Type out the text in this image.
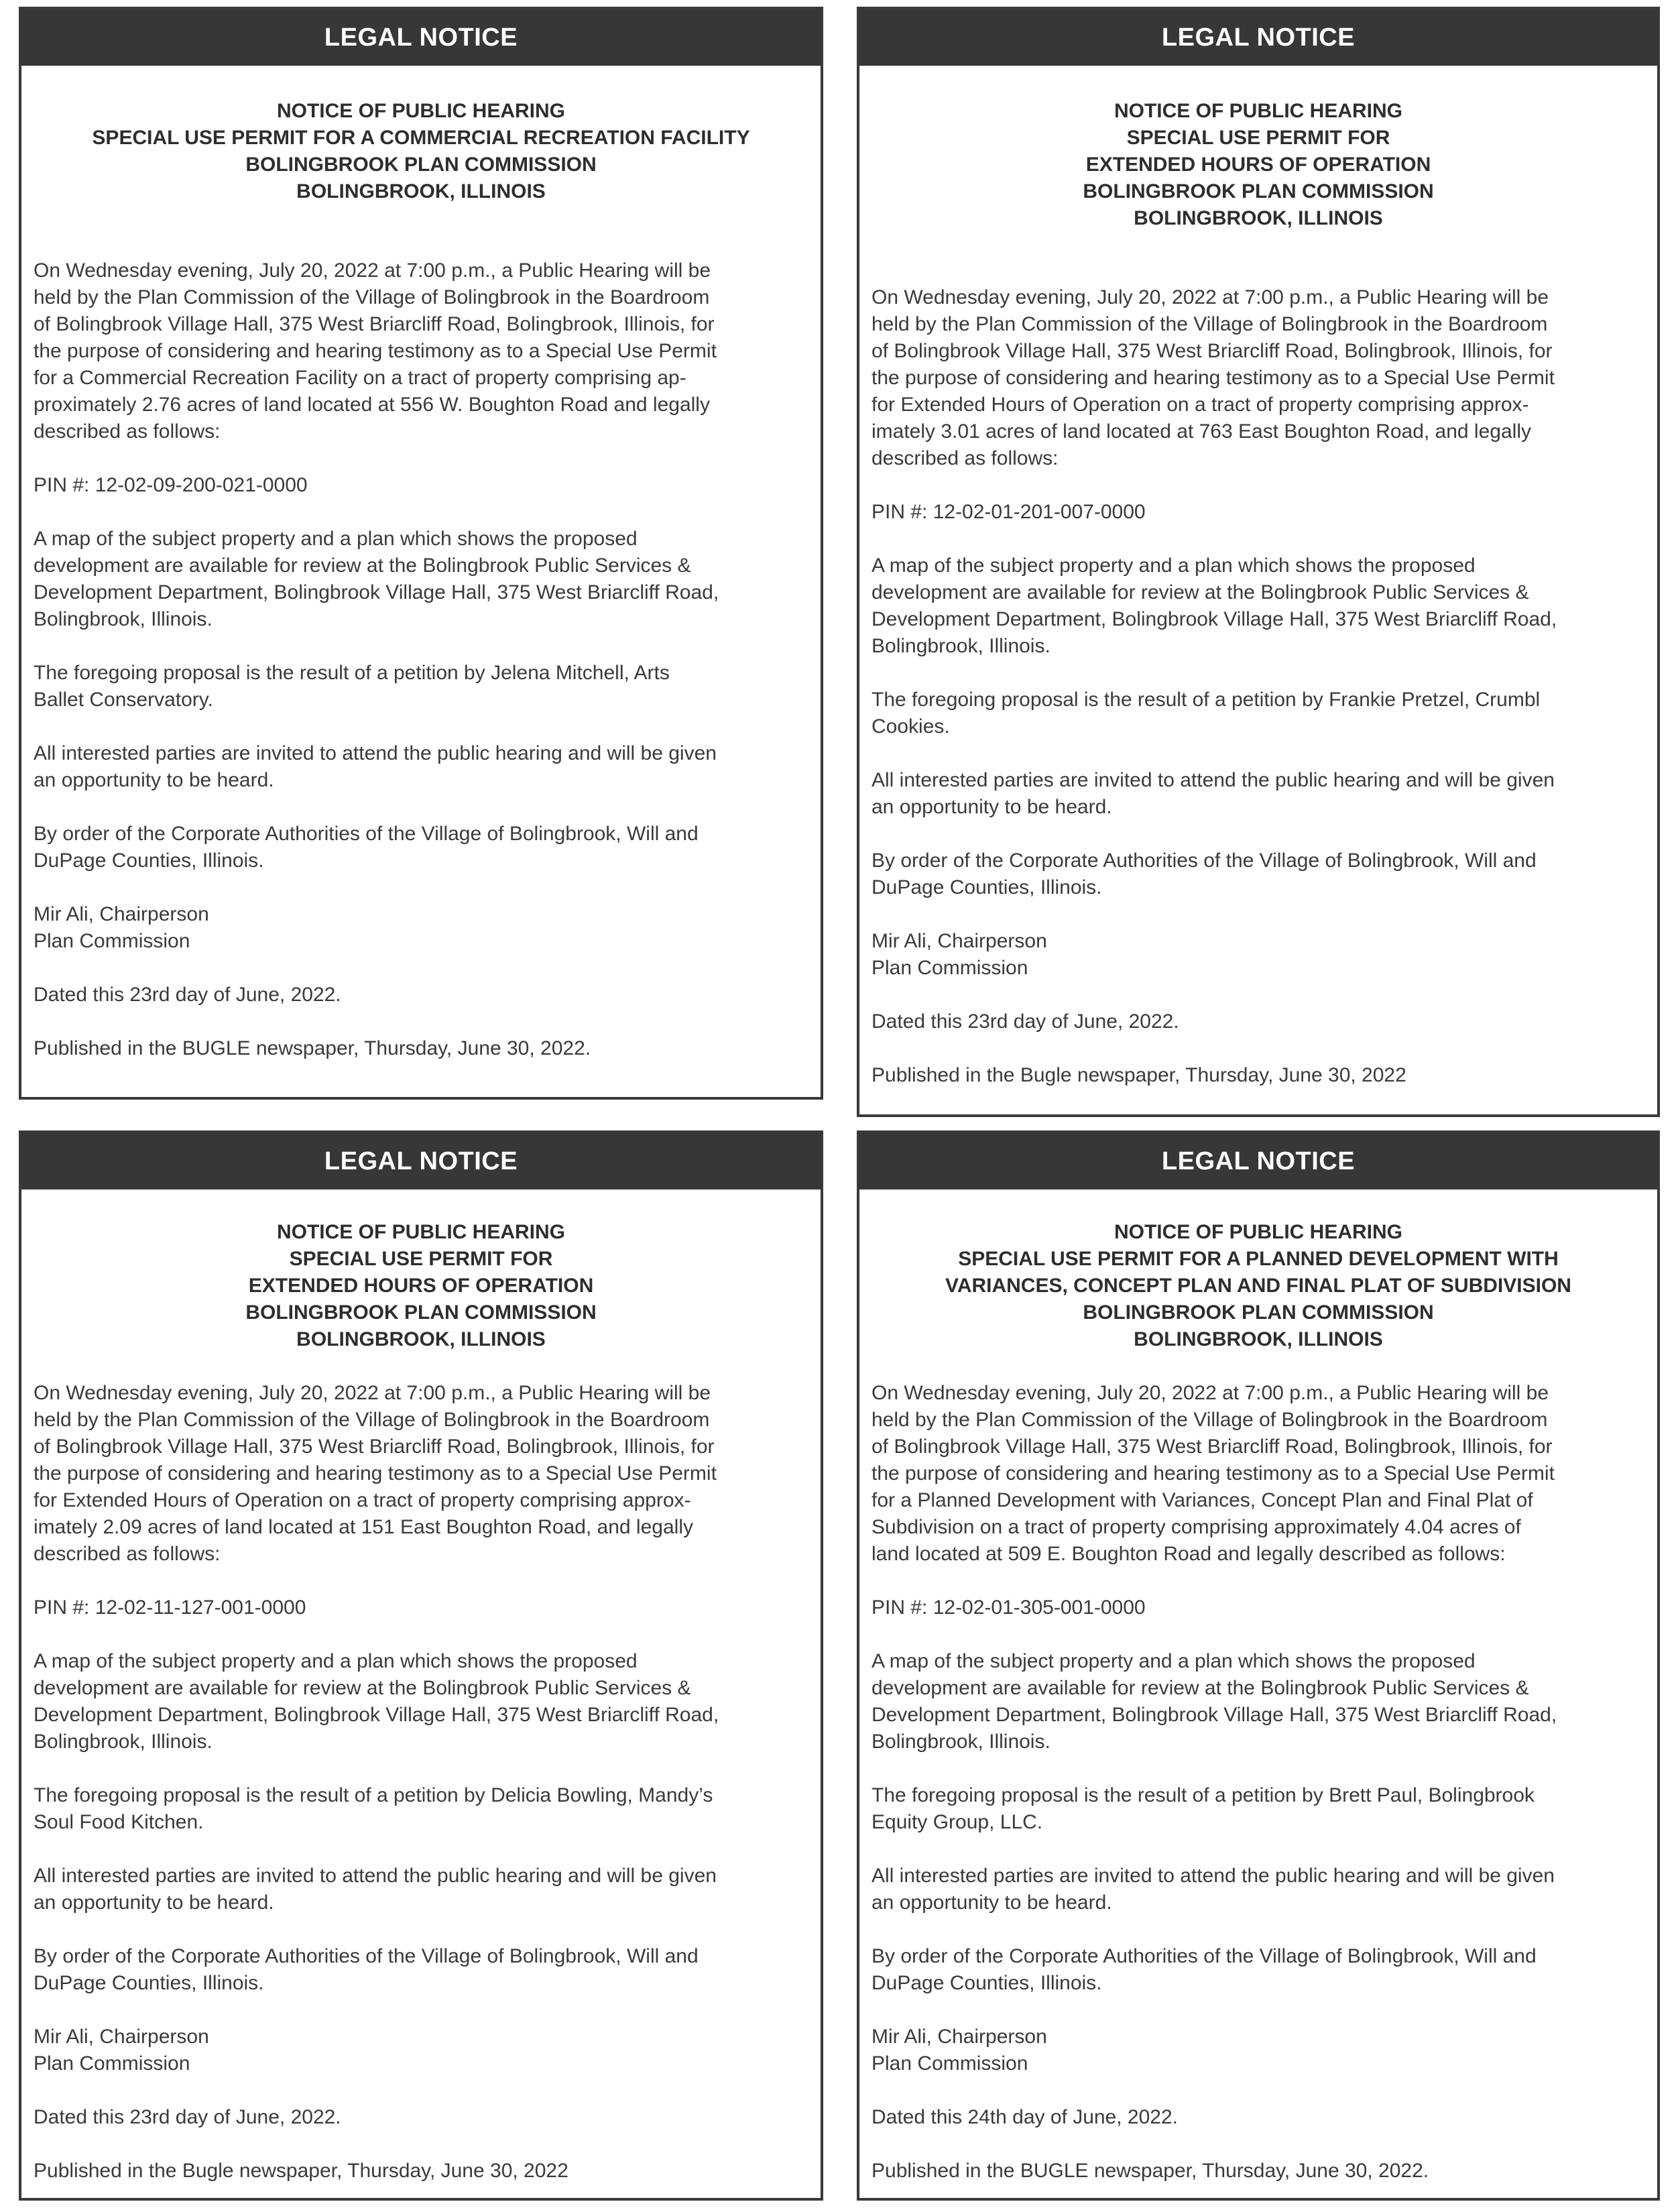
LEGAL NOTICE
NOTICE OF PUBLIC HEARING
SPECIAL USE PERMIT FOR A COMMERCIAL RECREATION FACILITY
BOLINGBROOK PLAN COMMISSION
BOLINGBROOK, ILLINOIS
On Wednesday evening, July 20, 2022 at 7:00 p.m., a Public Hearing will be
held by the Plan Commission of the Village of Bolingbrook in the Boardroom
of Bolingbrook Village Hall, 375 West Briarcliff Road, Bolingbrook, Illinois, for
the purpose of considering and hearing testimony as to a Special Use Permit
for a Commercial Recreation Facility on a tract of property comprising ap-
proximately 2.76 acres of land located at 556 W. Boughton Road and legally
described as follows:
PIN #: 12-02-09-200-021-0000
A map of the subject property and a plan which shows the proposed
development are available for review at the Bolingbrook Public Services &
Development Department, Bolingbrook Village Hall, 375 West Briarcliff Road,
Bolingbrook, Illinois.
The foregoing proposal is the result of a petition by Jelena Mitchell, Arts
Ballet Conservatory.
All interested parties are invited to attend the public hearing and will be given
an opportunity to be heard.
By order of the Corporate Authorities of the Village of Bolingbrook, Will and
DuPage Counties, Illinois.
Mir Ali, Chairperson
Plan Commission
Dated this 23rd day of June, 2022.
Published in the BUGLE newspaper, Thursday, June 30, 2022.
LEGAL NOTICE
NOTICE OF PUBLIC HEARING
SPECIAL USE PERMIT FOR
EXTENDED HOURS OF OPERATION
BOLINGBROOK PLAN COMMISSION
BOLINGBROOK, ILLINOIS
On Wednesday evening, July 20, 2022 at 7:00 p.m., a Public Hearing will be
held by the Plan Commission of the Village of Bolingbrook in the Boardroom
of Bolingbrook Village Hall, 375 West Briarcliff Road, Bolingbrook, Illinois, for
the purpose of considering and hearing testimony as to a Special Use Permit
for Extended Hours of Operation on a tract of property comprising approx-
imately 3.01 acres of land located at 763 East Boughton Road, and legally
described as follows:
PIN #: 12-02-01-201-007-0000
A map of the subject property and a plan which shows the proposed
development are available for review at the Bolingbrook Public Services &
Development Department, Bolingbrook Village Hall, 375 West Briarcliff Road,
Bolingbrook, Illinois.
The foregoing proposal is the result of a petition by Frankie Pretzel, Crumbl
Cookies.
All interested parties are invited to attend the public hearing and will be given
an opportunity to be heard.
By order of the Corporate Authorities of the Village of Bolingbrook, Will and
DuPage Counties, Illinois.
Mir Ali, Chairperson
Plan Commission
Dated this 23rd day of June, 2022.
Published in the Bugle newspaper, Thursday, June 30, 2022
LEGAL NOTICE
NOTICE OF PUBLIC HEARING
SPECIAL USE PERMIT FOR
EXTENDED HOURS OF OPERATION
BOLINGBROOK PLAN COMMISSION
BOLINGBROOK, ILLINOIS
On Wednesday evening, July 20, 2022 at 7:00 p.m., a Public Hearing will be
held by the Plan Commission of the Village of Bolingbrook in the Boardroom
of Bolingbrook Village Hall, 375 West Briarcliff Road, Bolingbrook, Illinois, for
the purpose of considering and hearing testimony as to a Special Use Permit
for Extended Hours of Operation on a tract of property comprising approx-
imately 2.09 acres of land located at 151 East Boughton Road, and legally
described as follows:
PIN #: 12-02-11-127-001-0000
A map of the subject property and a plan which shows the proposed
development are available for review at the Bolingbrook Public Services &
Development Department, Bolingbrook Village Hall, 375 West Briarcliff Road,
Bolingbrook, Illinois.
The foregoing proposal is the result of a petition by Delicia Bowling, Mandy’s
Soul Food Kitchen.
All interested parties are invited to attend the public hearing and will be given
an opportunity to be heard.
By order of the Corporate Authorities of the Village of Bolingbrook, Will and
DuPage Counties, Illinois.
Mir Ali, Chairperson
Plan Commission
Dated this 23rd day of June, 2022.
Published in the Bugle newspaper, Thursday, June 30, 2022
LEGAL NOTICE
NOTICE OF PUBLIC HEARING
SPECIAL USE PERMIT FOR A PLANNED DEVELOPMENT WITH
VARIANCES, CONCEPT PLAN AND FINAL PLAT OF SUBDIVISION
BOLINGBROOK PLAN COMMISSION
BOLINGBROOK, ILLINOIS
On Wednesday evening, July 20, 2022 at 7:00 p.m., a Public Hearing will be
held by the Plan Commission of the Village of Bolingbrook in the Boardroom
of Bolingbrook Village Hall, 375 West Briarcliff Road, Bolingbrook, Illinois, for
the purpose of considering and hearing testimony as to a Special Use Permit
for a Planned Development with Variances, Concept Plan and Final Plat of
Subdivision on a tract of property comprising approximately 4.04 acres of
land located at 509 E. Boughton Road and legally described as follows:
PIN #: 12-02-01-305-001-0000
A map of the subject property and a plan which shows the proposed
development are available for review at the Bolingbrook Public Services &
Development Department, Bolingbrook Village Hall, 375 West Briarcliff Road,
Bolingbrook, Illinois.
The foregoing proposal is the result of a petition by Brett Paul, Bolingbrook
Equity Group, LLC.
All interested parties are invited to attend the public hearing and will be given
an opportunity to be heard.
By order of the Corporate Authorities of the Village of Bolingbrook, Will and
DuPage Counties, Illinois.
Mir Ali, Chairperson
Plan Commission
Dated this 24th day of June, 2022.
Published in the BUGLE newspaper, Thursday, June 30, 2022.
